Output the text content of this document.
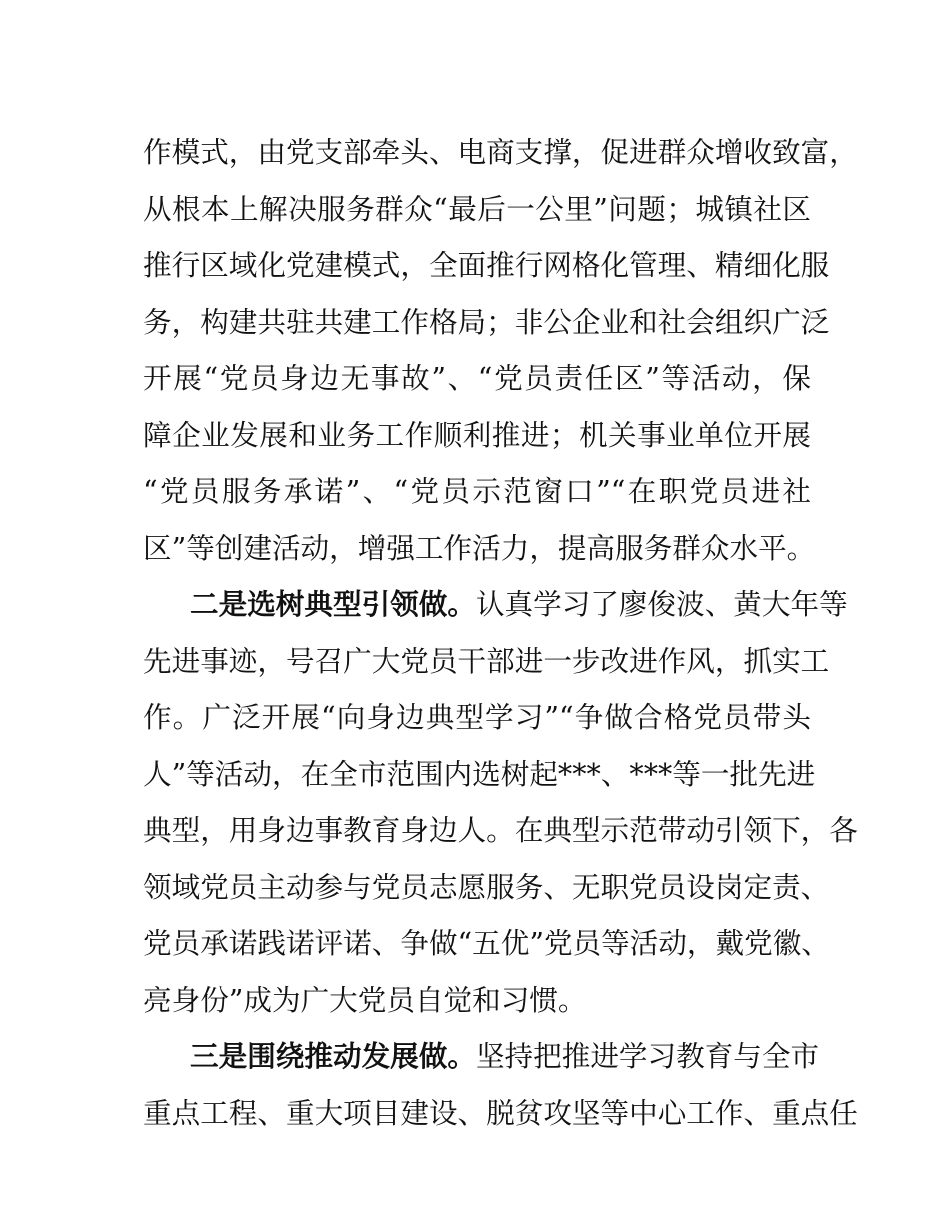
作模式，由党支部牵头、电商支撑，促进群众增收致富，
从根本上解决服务群众“最后一公里”问题；城镇社区
推行区域化党建模式，全面推行网格化管理、精细化服
务，构建共驻共建工作格局；非公企业和社会组织广泛
开展“党员身边无事故”、“党员责任区”等活动，保
障企业发展和业务工作顺利推进；机关事业单位开展
“党员服务承诺”、“党员示范窗口”“在职党员进社
区”等创建活动，增强工作活力，提高服务群众水平。
二是选树典型引领做。认真学习了廖俊波、黄大年等
先进事迹，号召广大党员干部进一步改进作风，抓实工
作。广泛开展“向身边典型学习”“争做合格党员带头
人”等活动，在全市范围内选树起***、***等一批先进
典型，用身边事教育身边人。在典型示范带动引领下，各
领域党员主动参与党员志愿服务、无职党员设岗定责、
党员承诺践诺评诺、争做“五优”党员等活动，戴党徽、
亮身份”成为广大党员自觉和习惯。
三是围绕推动发展做。坚持把推进学习教育与全市
重点工程、重大项目建设、脱贫攻坚等中心工作、重点任
